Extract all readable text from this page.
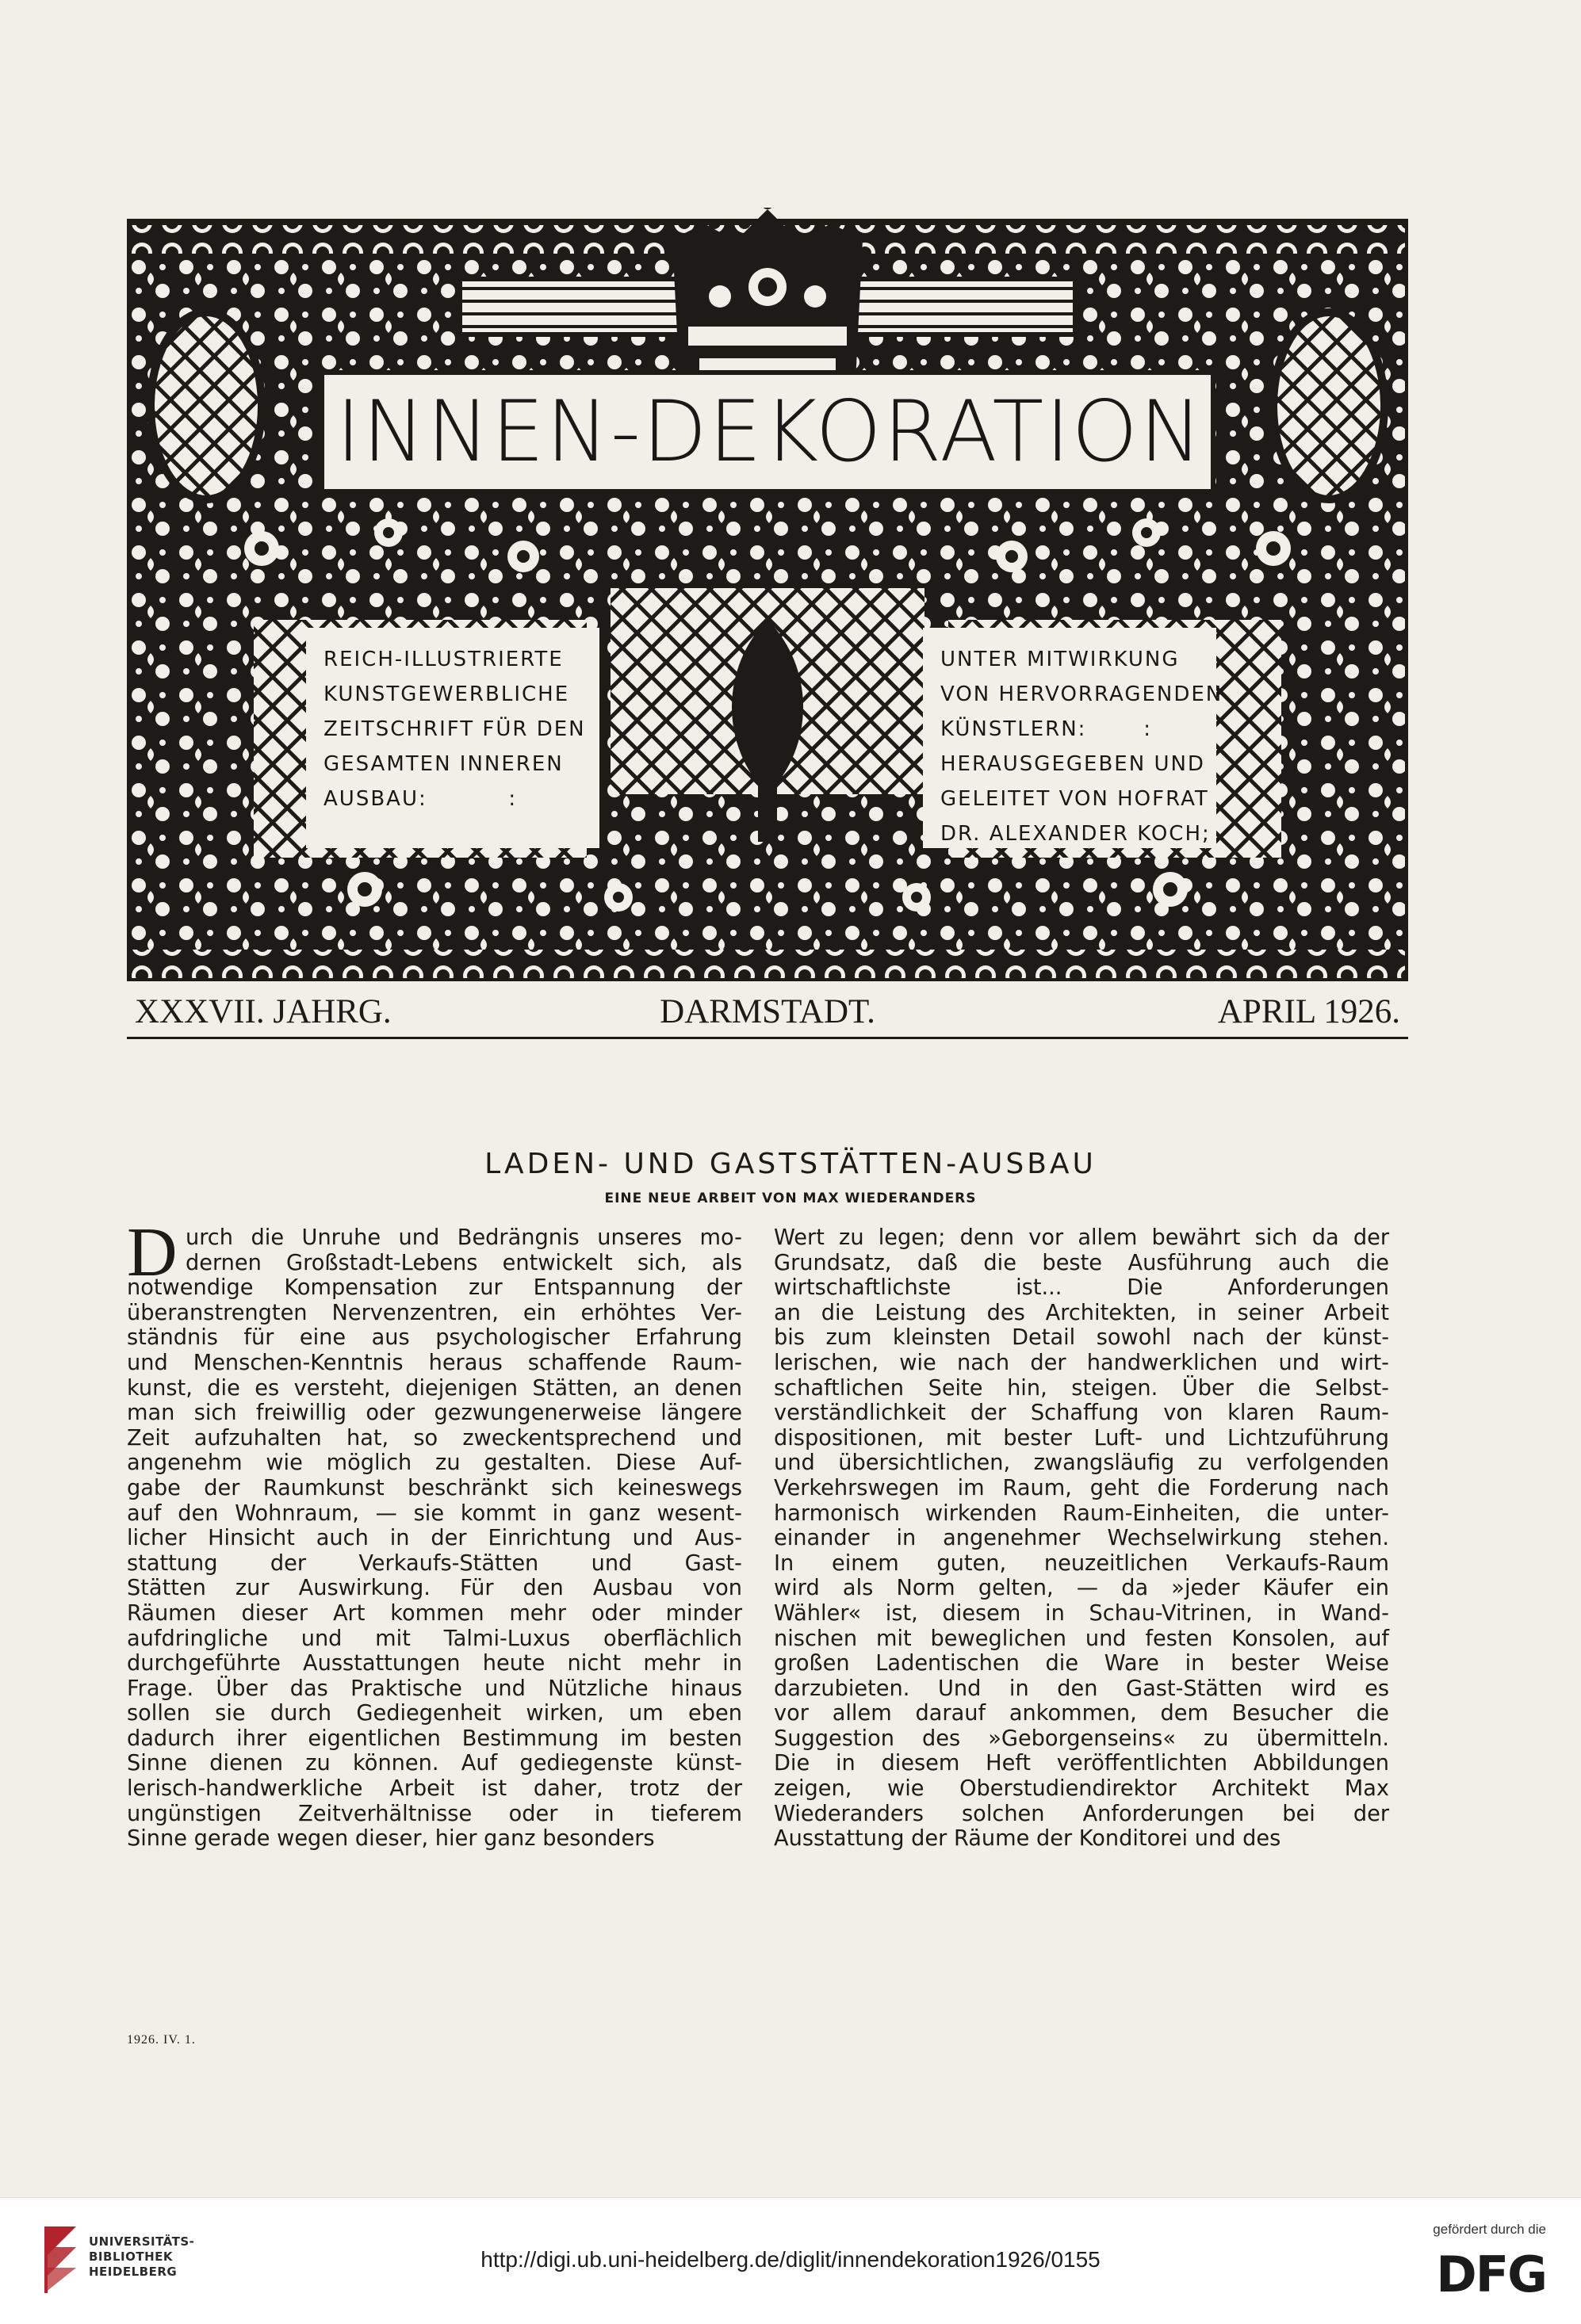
INNEN-DEKORATION
REICH-ILLUSTRIERTE
KUNSTGEWERBLICHE
ZEITSCHRIFT FÜR DEN
GESAMTEN INNEREN
AUSBAU:          :
UNTER MITWIRKUNG
VON HERVORRAGENDEN
KÜNSTLERN:       :
HERAUSGEGEBEN UND
GELEITET VON HOFRAT
DR. ALEXANDER KOCH;
DARMSTADT.
XXXVII. JAHRG.	APRIL 1926.
LADEN- UND GASTSTÄTTEN-AUSBAU
EINE NEUE ARBEIT VON MAX WIEDERANDERS
D urch die Unruhe und Bedrängnis unseres mo-
dernen Großstadt-Lebens entwickelt sich, als
notwendige Kompensation zur Entspannung der
überanstrengten Nervenzentren, ein erhöhtes Ver-
ständnis für eine aus psychologischer Erfahrung
und Menschen-Kenntnis heraus schaffende Raum-
kunst, die es versteht, diejenigen Stätten, an denen
man sich freiwillig oder gezwungenerweise längere
Zeit aufzuhalten hat, so zweckentsprechend und
angenehm wie möglich zu gestalten. Diese Auf-
gabe der Raumkunst beschränkt sich keineswegs
auf den Wohnraum, — sie kommt in ganz wesent-
licher Hinsicht auch in der Einrichtung und Aus-
stattung der Verkaufs-Stätten und Gast-
Stätten zur Auswirkung. Für den Ausbau von
Räumen dieser Art kommen mehr oder minder
aufdringliche und mit Talmi-Luxus oberflächlich
durchgeführte Ausstattungen heute nicht mehr in
Frage. Über das Praktische und Nützliche hinaus
sollen sie durch Gediegenheit wirken, um eben
dadurch ihrer eigentlichen Bestimmung im besten
Sinne dienen zu können. Auf gediegenste künst-
lerisch-handwerkliche Arbeit ist daher, trotz der
ungünstigen Zeitverhältnisse oder in tieferem
Sinne gerade wegen dieser, hier ganz besonders
Wert zu legen; denn vor allem bewährt sich da der
Grundsatz, daß die beste Ausführung auch die
wirtschaftlichste ist... Die Anforderungen
an die Leistung des Architekten, in seiner Arbeit
bis zum kleinsten Detail sowohl nach der künst-
lerischen, wie nach der handwerklichen und wirt-
schaftlichen Seite hin, steigen. Über die Selbst-
verständlichkeit der Schaffung von klaren Raum-
dispositionen, mit bester Luft- und Lichtzuführung
und übersichtlichen, zwangsläufig zu verfolgenden
Verkehrswegen im Raum, geht die Forderung nach
harmonisch wirkenden Raum-Einheiten, die unter-
einander in angenehmer Wechselwirkung stehen.
In einem guten, neuzeitlichen Verkaufs-Raum
wird als Norm gelten, — da »jeder Käufer ein
Wähler« ist, diesem in Schau-Vitrinen, in Wand-
nischen mit beweglichen und festen Konsolen, auf
großen Ladentischen die Ware in bester Weise
darzubieten. Und in den Gast-Stätten wird es
vor allem darauf ankommen, dem Besucher die
Suggestion des »Geborgenseins« zu übermitteln.
Die in diesem Heft veröffentlichten Abbildungen
zeigen, wie Oberstudiendirektor Architekt Max
Wiederanders solchen Anforderungen bei der
Ausstattung der Räume der Konditorei und des
1926. IV. 1.
UNIVERSITÄTS-
BIBLIOTHEK
HEIDELBERG	http://digi.ub.uni-heidelberg.de/diglit/innendekoration1926/0155
gefördert durch die
DFG
